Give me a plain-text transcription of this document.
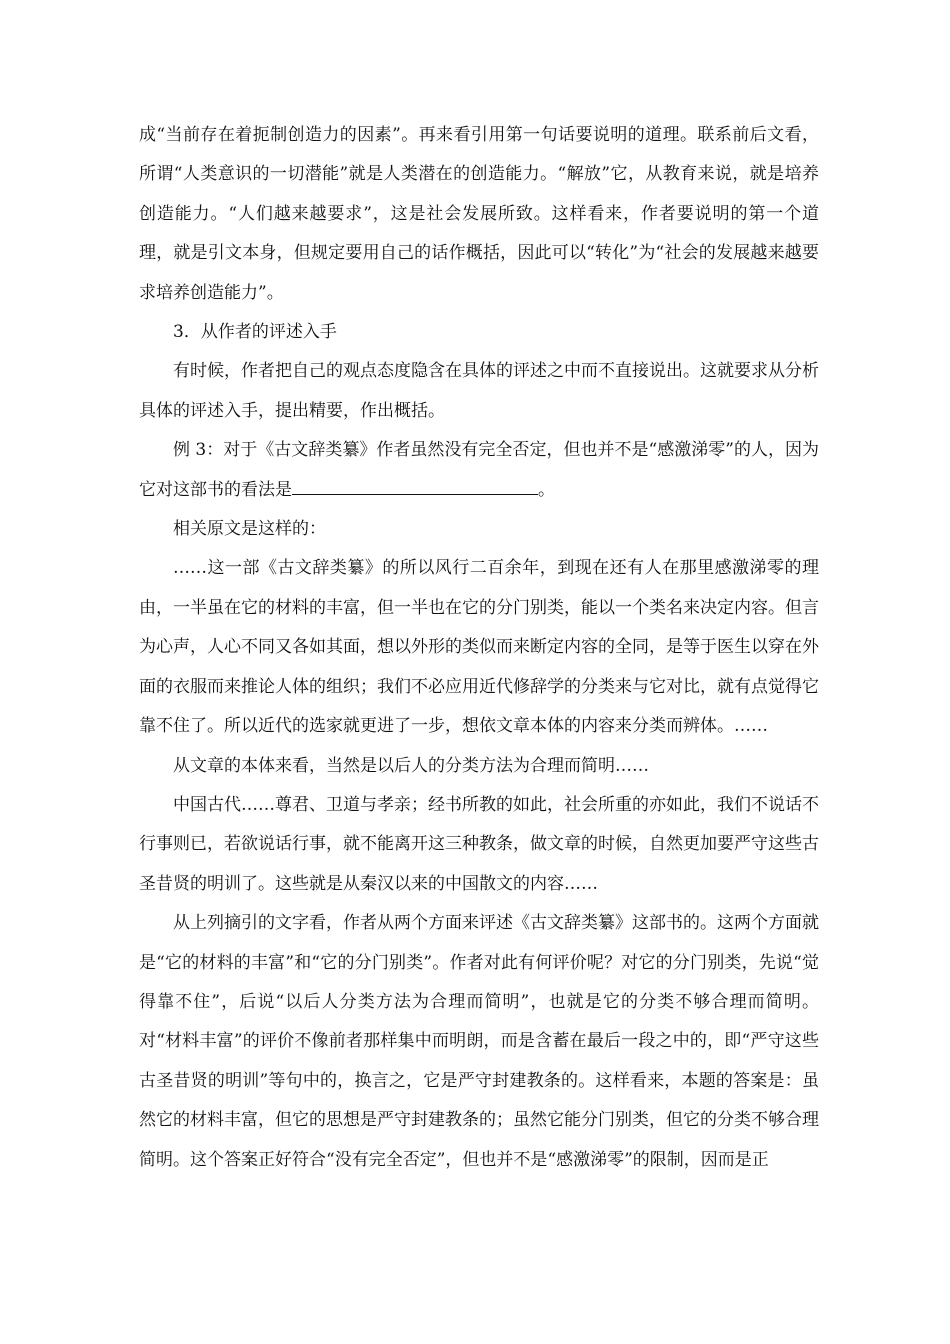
成“当前存在着扼制创造力的因素”。再来看引用第一句话要说明的道理。联系前后文看，所谓“人类意识的一切潜能”就是人类潜在的创造能力。“解放”它，从教育来说，就是培养创造能力。“人们越来越要求”，这是社会发展所致。这样看来，作者要说明的第一个道理，就是引文本身，但规定要用自己的话作概括，因此可以“转化”为“社会的发展越来越要求培养创造能力”。

3．从作者的评述入手

有时候，作者把自己的观点态度隐含在具体的评述之中而不直接说出。这就要求从分析具体的评述入手，提出精要，作出概括。

例 3：对于《古文辞类纂》作者虽然没有完全否定，但也并不是“感激涕零”的人，因为它对这部书的看法是	。

相关原文是这样的：

……这一部《古文辞类纂》的所以风行二百余年，到现在还有人在那里感激涕零的理由，一半虽在它的材料的丰富，但一半也在它的分门别类，能以一个类名来决定内容。但言为心声，人心不同又各如其面，想以外形的类似而来断定内容的全同，是等于医生以穿在外面的衣服而来推论人体的组织；我们不必应用近代修辞学的分类来与它对比，就有点觉得它靠不住了。所以近代的选家就更进了一步，想依文章本体的内容来分类而辨体。……

从文章的本体来看，当然是以后人的分类方法为合理而简明……

中国古代……尊君、卫道与孝亲；经书所教的如此，社会所重的亦如此，我们不说话不行事则已，若欲说话行事，就不能离开这三种教条，做文章的时候，自然更加要严守这些古圣昔贤的明训了。这些就是从秦汉以来的中国散文的内容……

从上列摘引的文字看，作者从两个方面来评述《古文辞类纂》这部书的。这两个方面就是“它的材料的丰富”和“它的分门别类”。作者对此有何评价呢？对它的分门别类，先说“觉得靠不住”，后说“以后人分类方法为合理而简明”，也就是它的分类不够合理而简明。对“材料丰富”的评价不像前者那样集中而明朗，而是含蓄在最后一段之中的，即“严守这些古圣昔贤的明训”等句中的，换言之，它是严守封建教条的。这样看来，本题的答案是：虽然它的材料丰富，但它的思想是严守封建教条的；虽然它能分门别类，但它的分类不够合理简明。这个答案正好符合“没有完全否定”，但也并不是“感激涕零”的限制，因而是正
